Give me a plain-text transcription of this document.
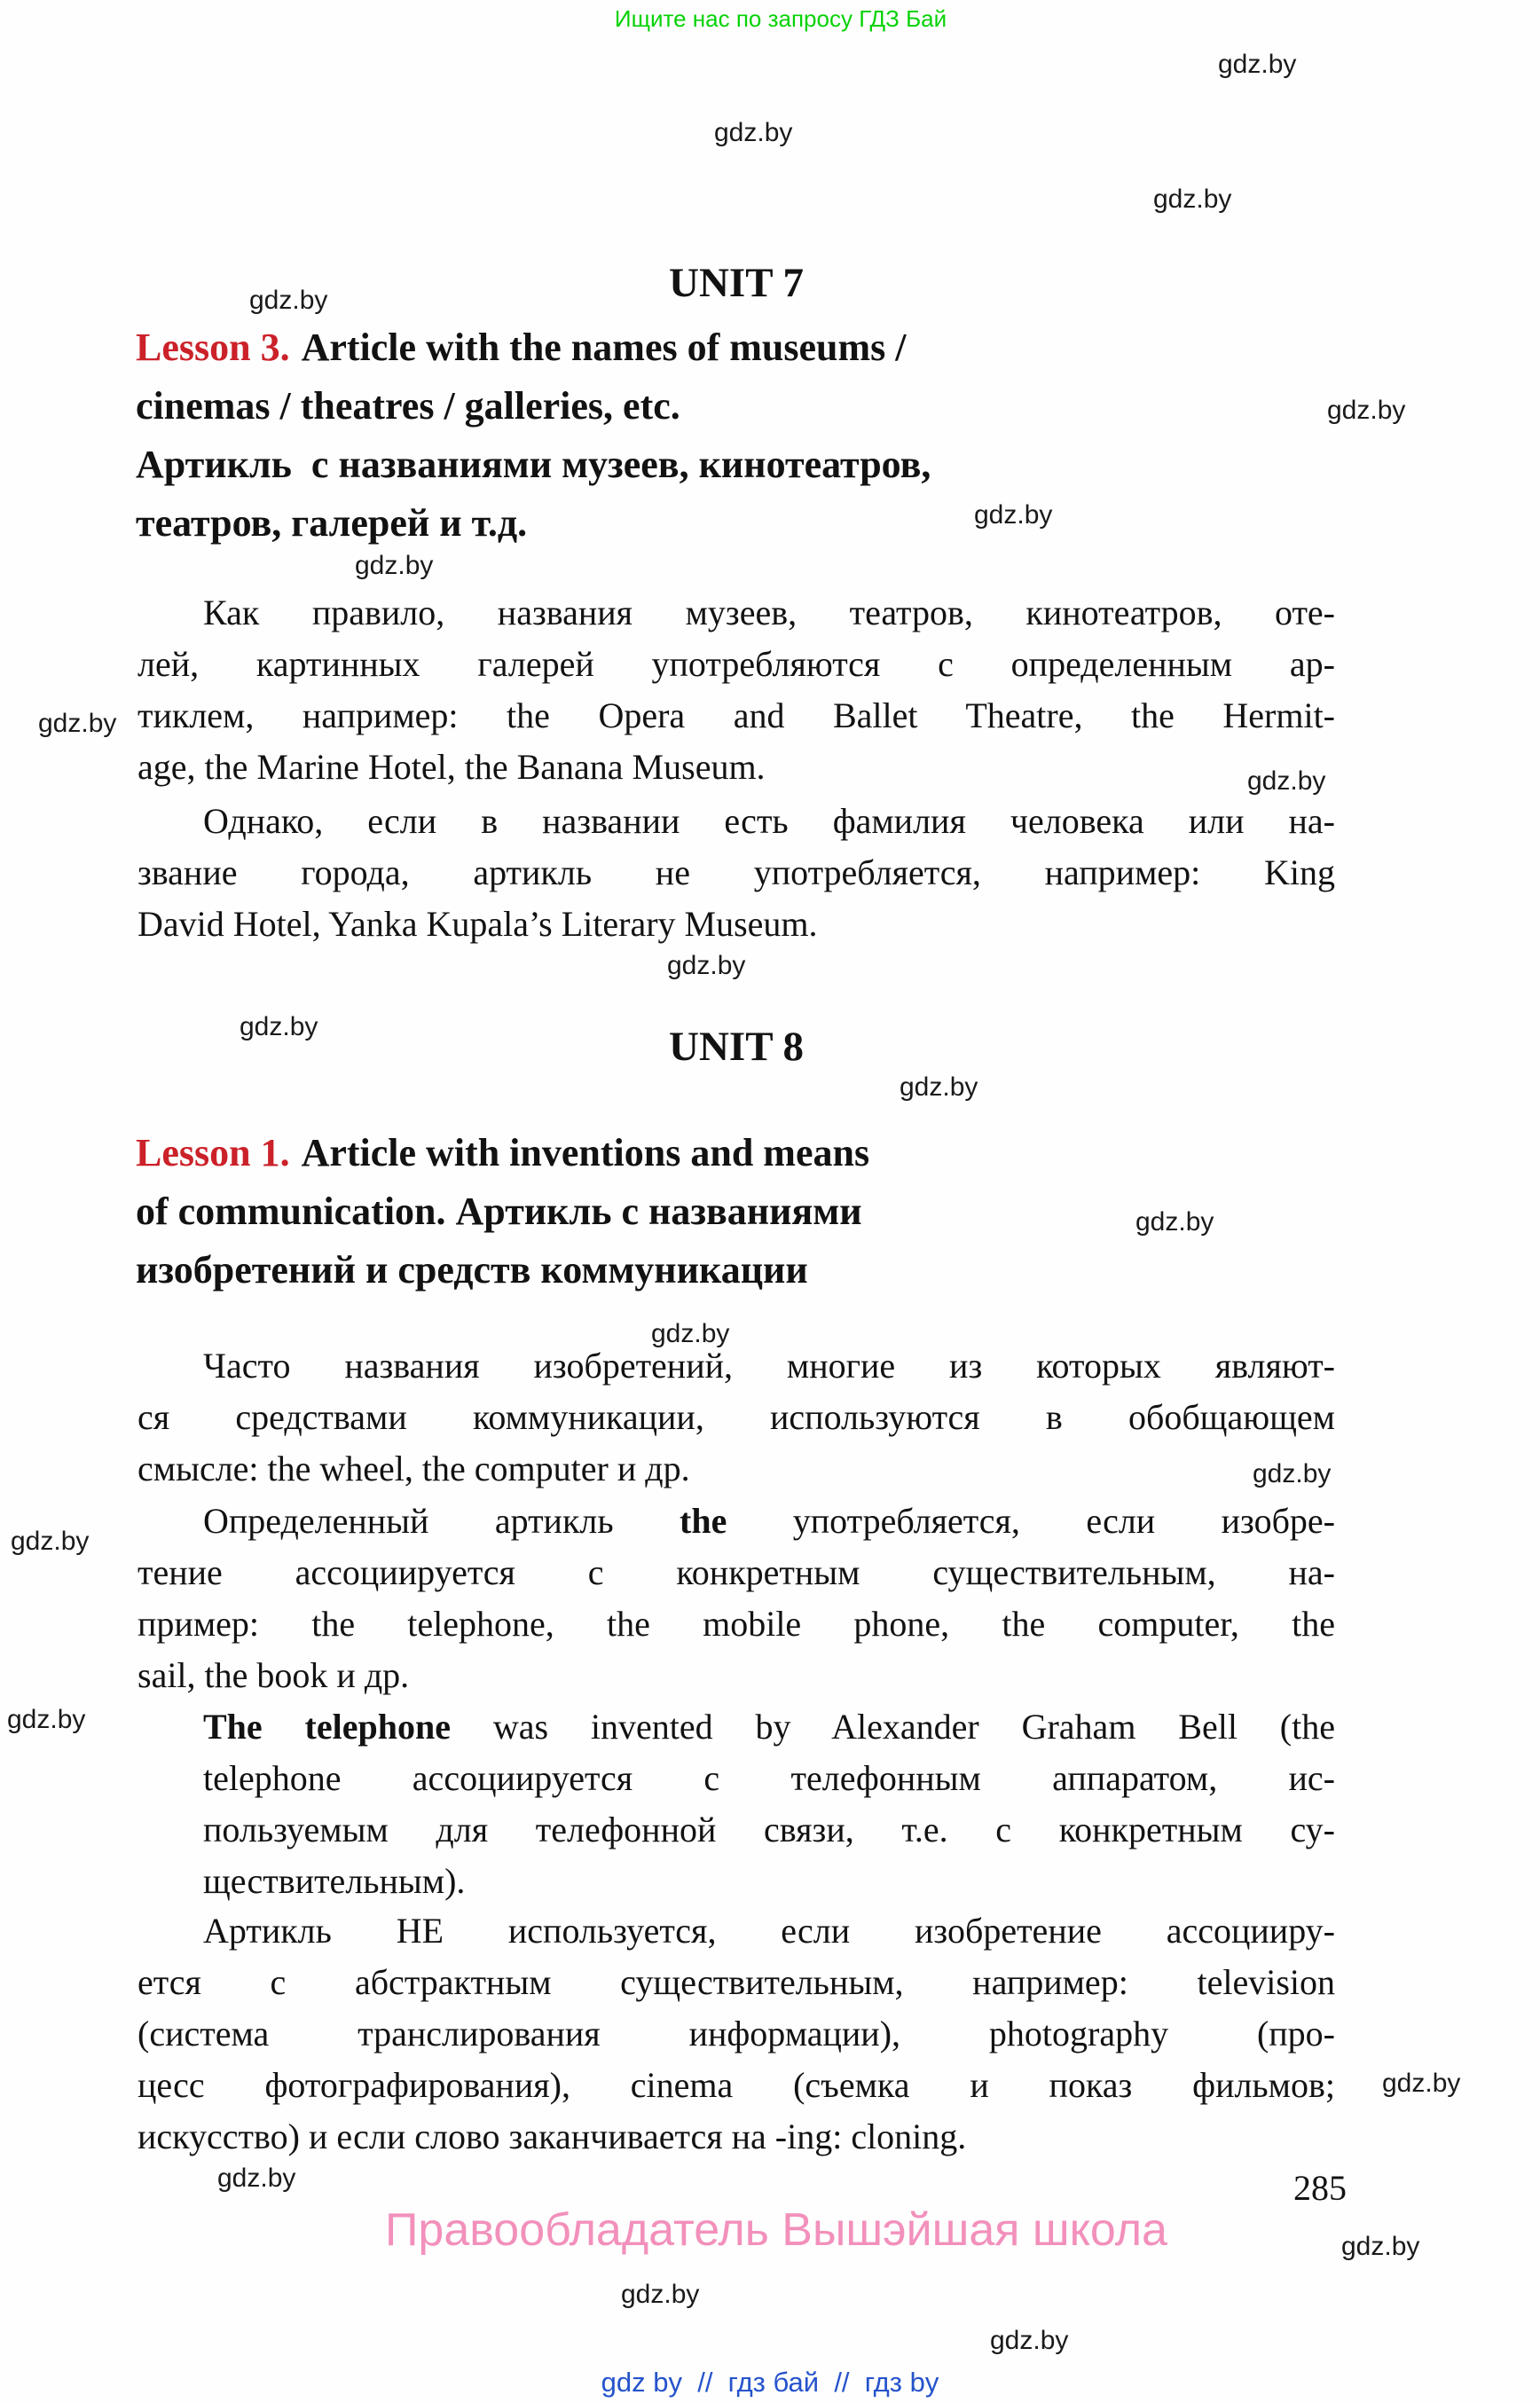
Ищите нас по запросу ГДЗ Бай
gdz.by
gdz.by
gdz.by
gdz.by
gdz.by
gdz.by
gdz.by
gdz.by
gdz.by
gdz.by
gdz.by
gdz.by
gdz.by
gdz.by
gdz.by
gdz.by
gdz.by
gdz.by
gdz.by
gdz.by
gdz.by
gdz.by
UNIT 7
Lesson 3. Article with the names of museums /
cinemas / theatres / galleries, etc.
Артикль  с названиями музеев, кинотеатров,
театров, галерей и т.д.
Как правило, названия музеев, театров, кинотеатров, оте-
лей, картинных галерей употребляются с определенным ар-
тиклем, например: the Opera and Ballet Theatre, the Hermit-
age, the Marine Hotel, the Banana Museum.
Однако, если в названии есть фамилия человека или на-
звание города, артикль не употребляется, например: King
David Hotel, Yanka Kupala’s Literary Museum.
UNIT 8
Lesson 1. Article with inventions and means
of communication. Артикль с названиями
изобретений и средств коммуникации
Часто названия изобретений, многие из которых являют-
ся средствами коммуникации, используются в обобщающем
смысле: the wheel, the computer и др.
Определенный артикль the употребляется, если изобре-
тение ассоциируется с конкретным существительным, на-
пример: the telephone, the mobile phone, the computer, the
sail, the book и др.
The telephone was invented by Alexander Graham Bell (the
telephone ассоциируется с телефонным аппаратом, ис-
пользуемым для телефонной связи, т.е. с конкретным су-
ществительным).
Артикль НЕ используется, если изобретение ассоцииру-
ется с абстрактным существительным, например: television
(система транслирования информации), photography (про-
цесс фотографирования), cinema (съемка и показ фильмов;
искусство) и если слово заканчивается на -ing: cloning.
285
Правообладатель Вышэйшая школа
gdz by  //  гдз бай  //  гдз by
